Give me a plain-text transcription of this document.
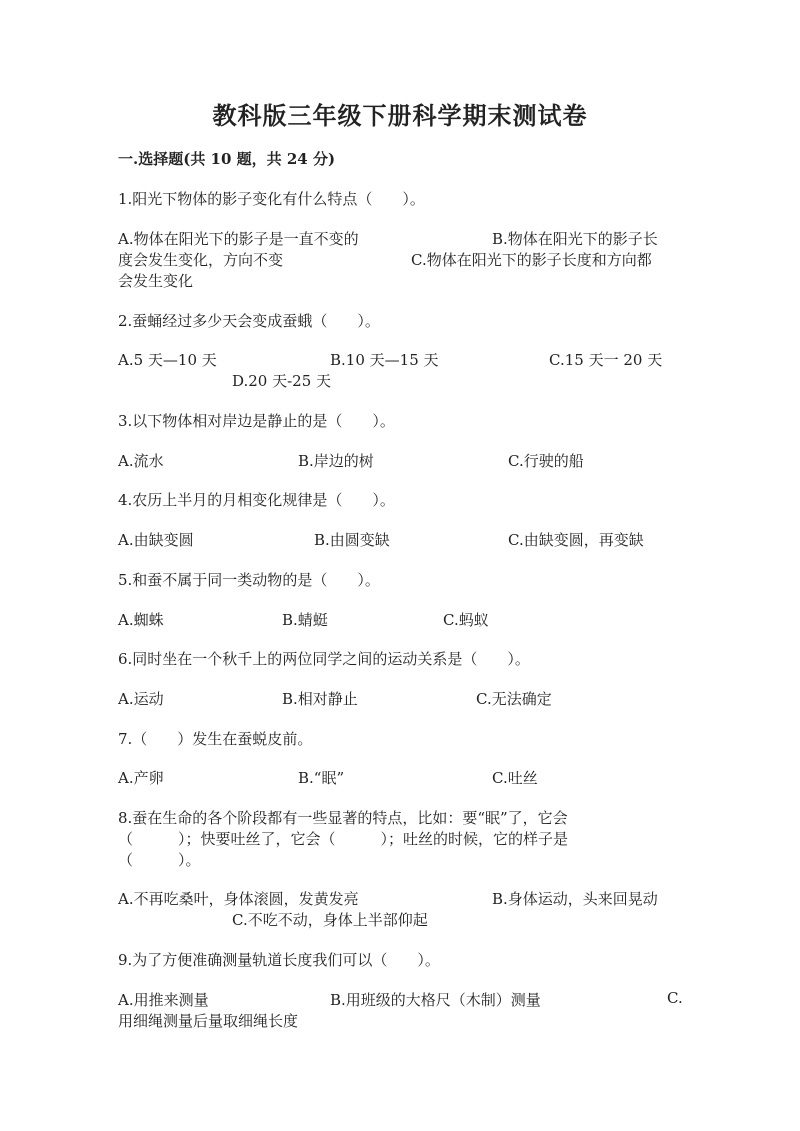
教科版三年级下册科学期末测试卷
一.选择题(共 10 题，共 24 分)
1.阳光下物体的影子变化有什么特点（　　）。
A.物体在阳光下的影子是一直不变的	B.物体在阳光下的影子长
度会发生变化，方向不变	C.物体在阳光下的影子长度和方向都
会发生变化
2.蚕蛹经过多少天会变成蚕蛾（　　）。
A.5 天—10 天	B.10 天—15 天	C.15 天一 20 天
D.20 天-25 天
3.以下物体相对岸边是静止的是（　　）。
A.流水	B.岸边的树	C.行驶的船
4.农历上半月的月相变化规律是（　　）。
A.由缺变圆	B.由圆变缺	C.由缺变圆，再变缺
5.和蚕不属于同一类动物的是（　　）。
A.蜘蛛	B.蜻蜓	C.蚂蚁
6.同时坐在一个秋千上的两位同学之间的运动关系是（　　）。
A.运动	B.相对静止	C.无法确定
7.（　　）发生在蚕蜕皮前。
A.产卵	B.“眠”	C.吐丝
8.蚕在生命的各个阶段都有一些显著的特点，比如：要“眠”了，它会
（　　　）；快要吐丝了，它会（　　　）；吐丝的时候，它的样子是
（　　　）。
A.不再吃桑叶，身体滚圆，发黄发亮	B.身体运动，头来回晃动
C.不吃不动，身体上半部仰起
9.为了方便准确测量轨道长度我们可以（　　）。
A.用推来测量	B.用班级的大格尺（木制）测量	C.
用细绳测量后量取细绳长度
